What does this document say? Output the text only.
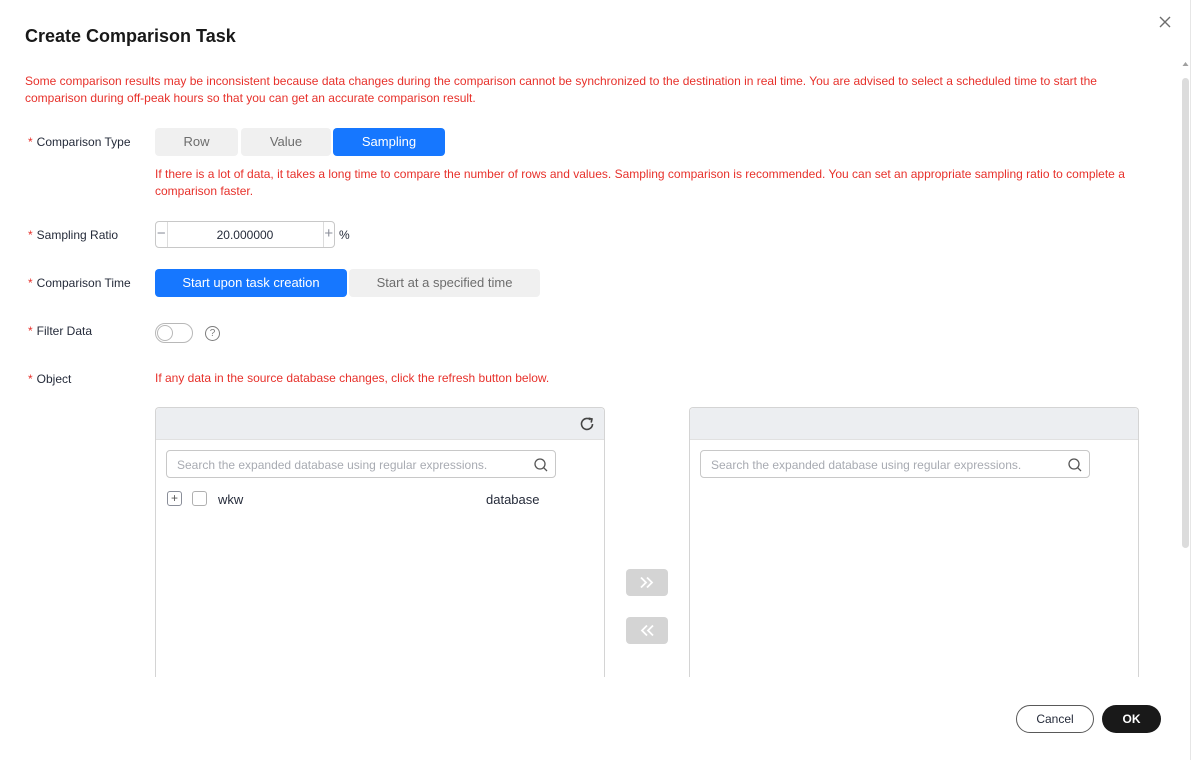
Create Comparison Task
Some comparison results may be inconsistent because data changes during the comparison cannot be synchronized to the destination in real time. You are advised to select a scheduled time to start the comparison during off-peak hours so that you can get an accurate comparison result.
* Comparison Type	Row	Value	Sampling
If there is a lot of data, it takes a long time to compare the number of rows and values. Sampling comparison is recommended. You can set an appropriate sampling ratio to complete a comparison faster.
* Sampling Ratio	−
20.000000	+ %
* Comparison Time	Start upon task creation	Start at a specified time
* Filter Data	?
* Object	If any data in the source database changes, click the refresh button below.
Search the expanded database using regular expressions.
+	wkw	database
Search the expanded database using regular expressions.
Cancel	OK
